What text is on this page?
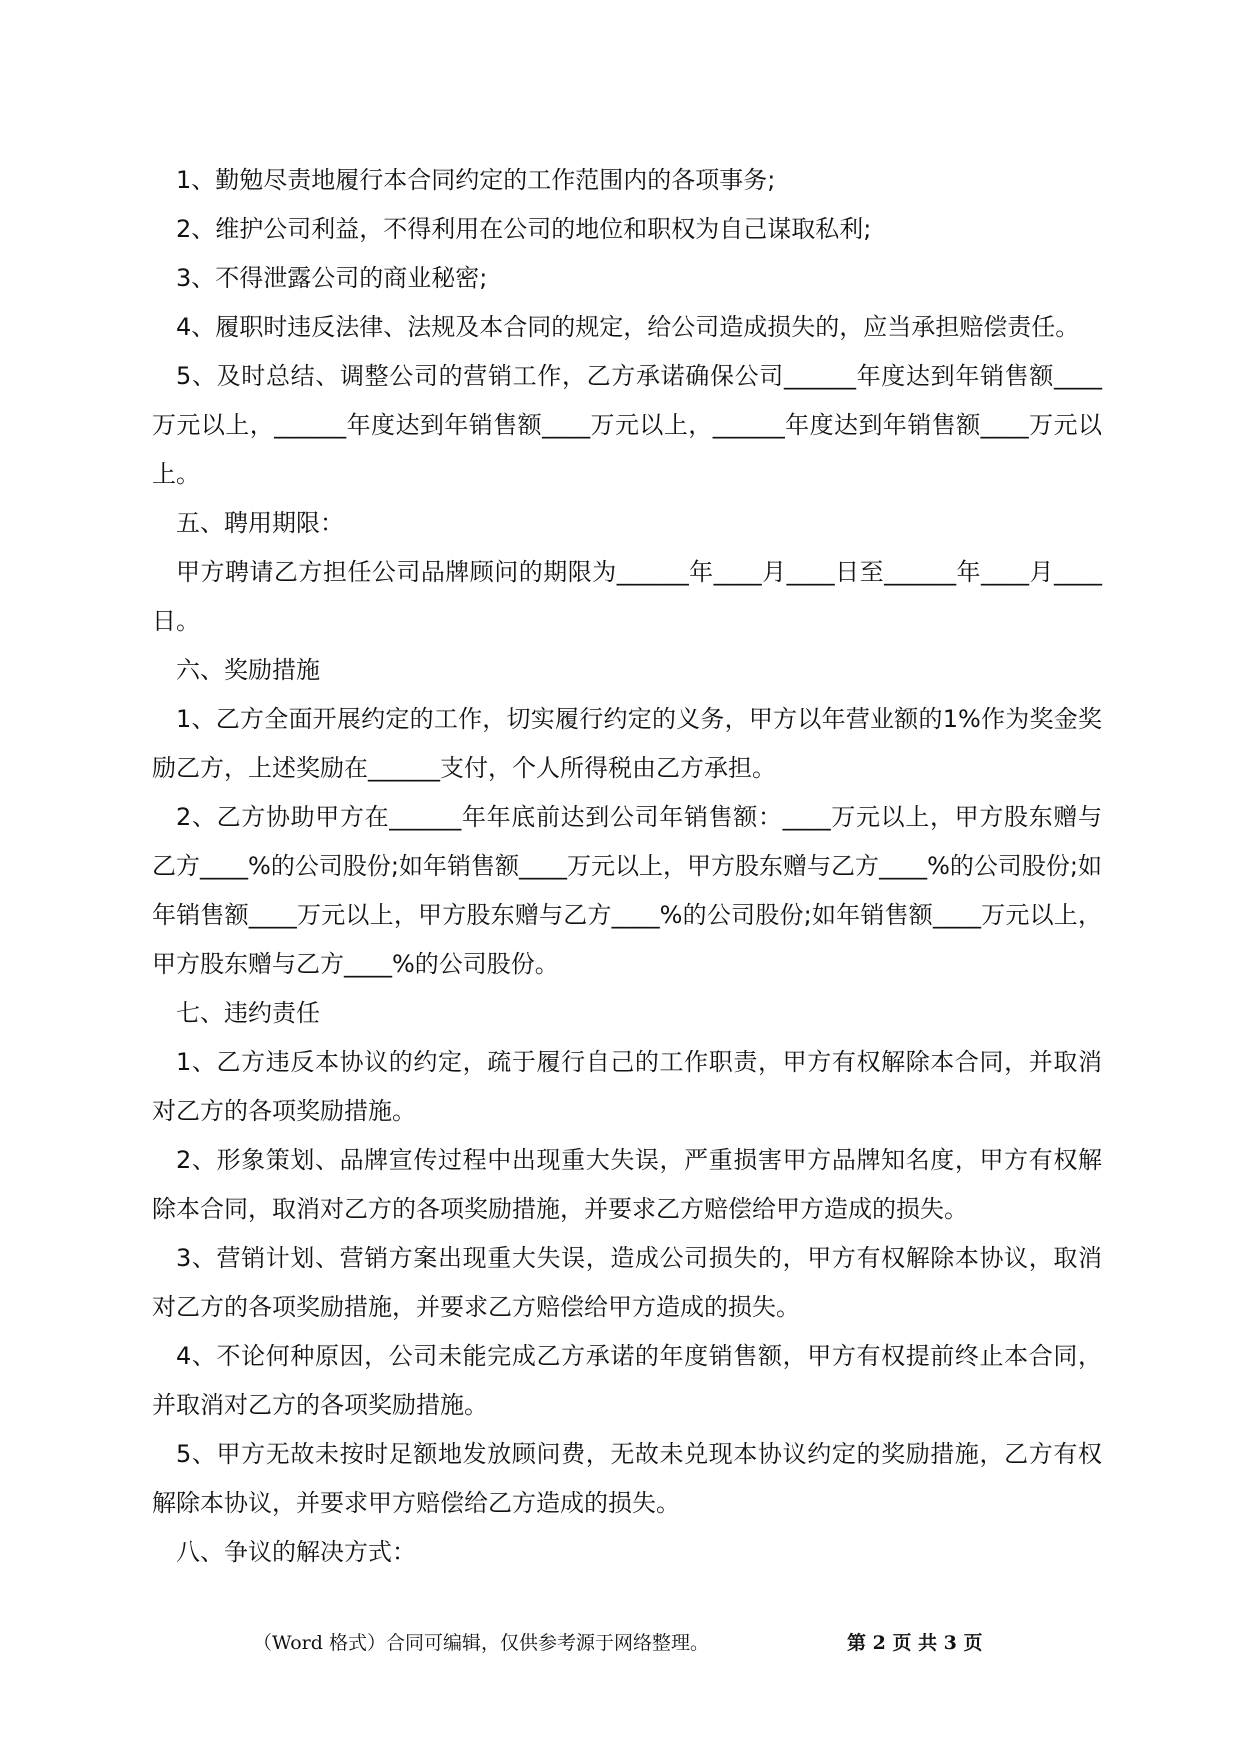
1、勤勉尽责地履行本合同约定的工作范围内的各项事务;

2、维护公司利益，不得利用在公司的地位和职权为自己谋取私利;

3、不得泄露公司的商业秘密;

4、履职时违反法律、法规及本合同的规定，给公司造成损失的，应当承担赔偿责任。

5、及时总结、调整公司的营销工作，乙方承诺确保公司______年度达到年销售额____万元以上，______年度达到年销售额____万元以上，______年度达到年销售额____万元以上。

五、聘用期限：

甲方聘请乙方担任公司品牌顾问的期限为______年____月____日至______年____月____日。

六、奖励措施

1、乙方全面开展约定的工作，切实履行约定的义务，甲方以年营业额的1%作为奖金奖励乙方，上述奖励在______支付，个人所得税由乙方承担。

2、乙方协助甲方在______年年底前达到公司年销售额：____万元以上，甲方股东赠与乙方____%的公司股份;如年销售额____万元以上，甲方股东赠与乙方____%的公司股份;如年销售额____万元以上，甲方股东赠与乙方____%的公司股份;如年销售额____万元以上，甲方股东赠与乙方____%的公司股份。

七、违约责任

1、乙方违反本协议的约定，疏于履行自己的工作职责，甲方有权解除本合同，并取消对乙方的各项奖励措施。

2、形象策划、品牌宣传过程中出现重大失误，严重损害甲方品牌知名度，甲方有权解除本合同，取消对乙方的各项奖励措施，并要求乙方赔偿给甲方造成的损失。

3、营销计划、营销方案出现重大失误，造成公司损失的，甲方有权解除本协议，取消对乙方的各项奖励措施，并要求乙方赔偿给甲方造成的损失。

4、不论何种原因，公司未能完成乙方承诺的年度销售额，甲方有权提前终止本合同，并取消对乙方的各项奖励措施。

5、甲方无故未按时足额地发放顾问费，无故未兑现本协议约定的奖励措施，乙方有权解除本协议，并要求甲方赔偿给乙方造成的损失。

八、争议的解决方式：

（Word 格式）合同可编辑，仅供参考源于网络整理。	第 2 页 共 3 页
